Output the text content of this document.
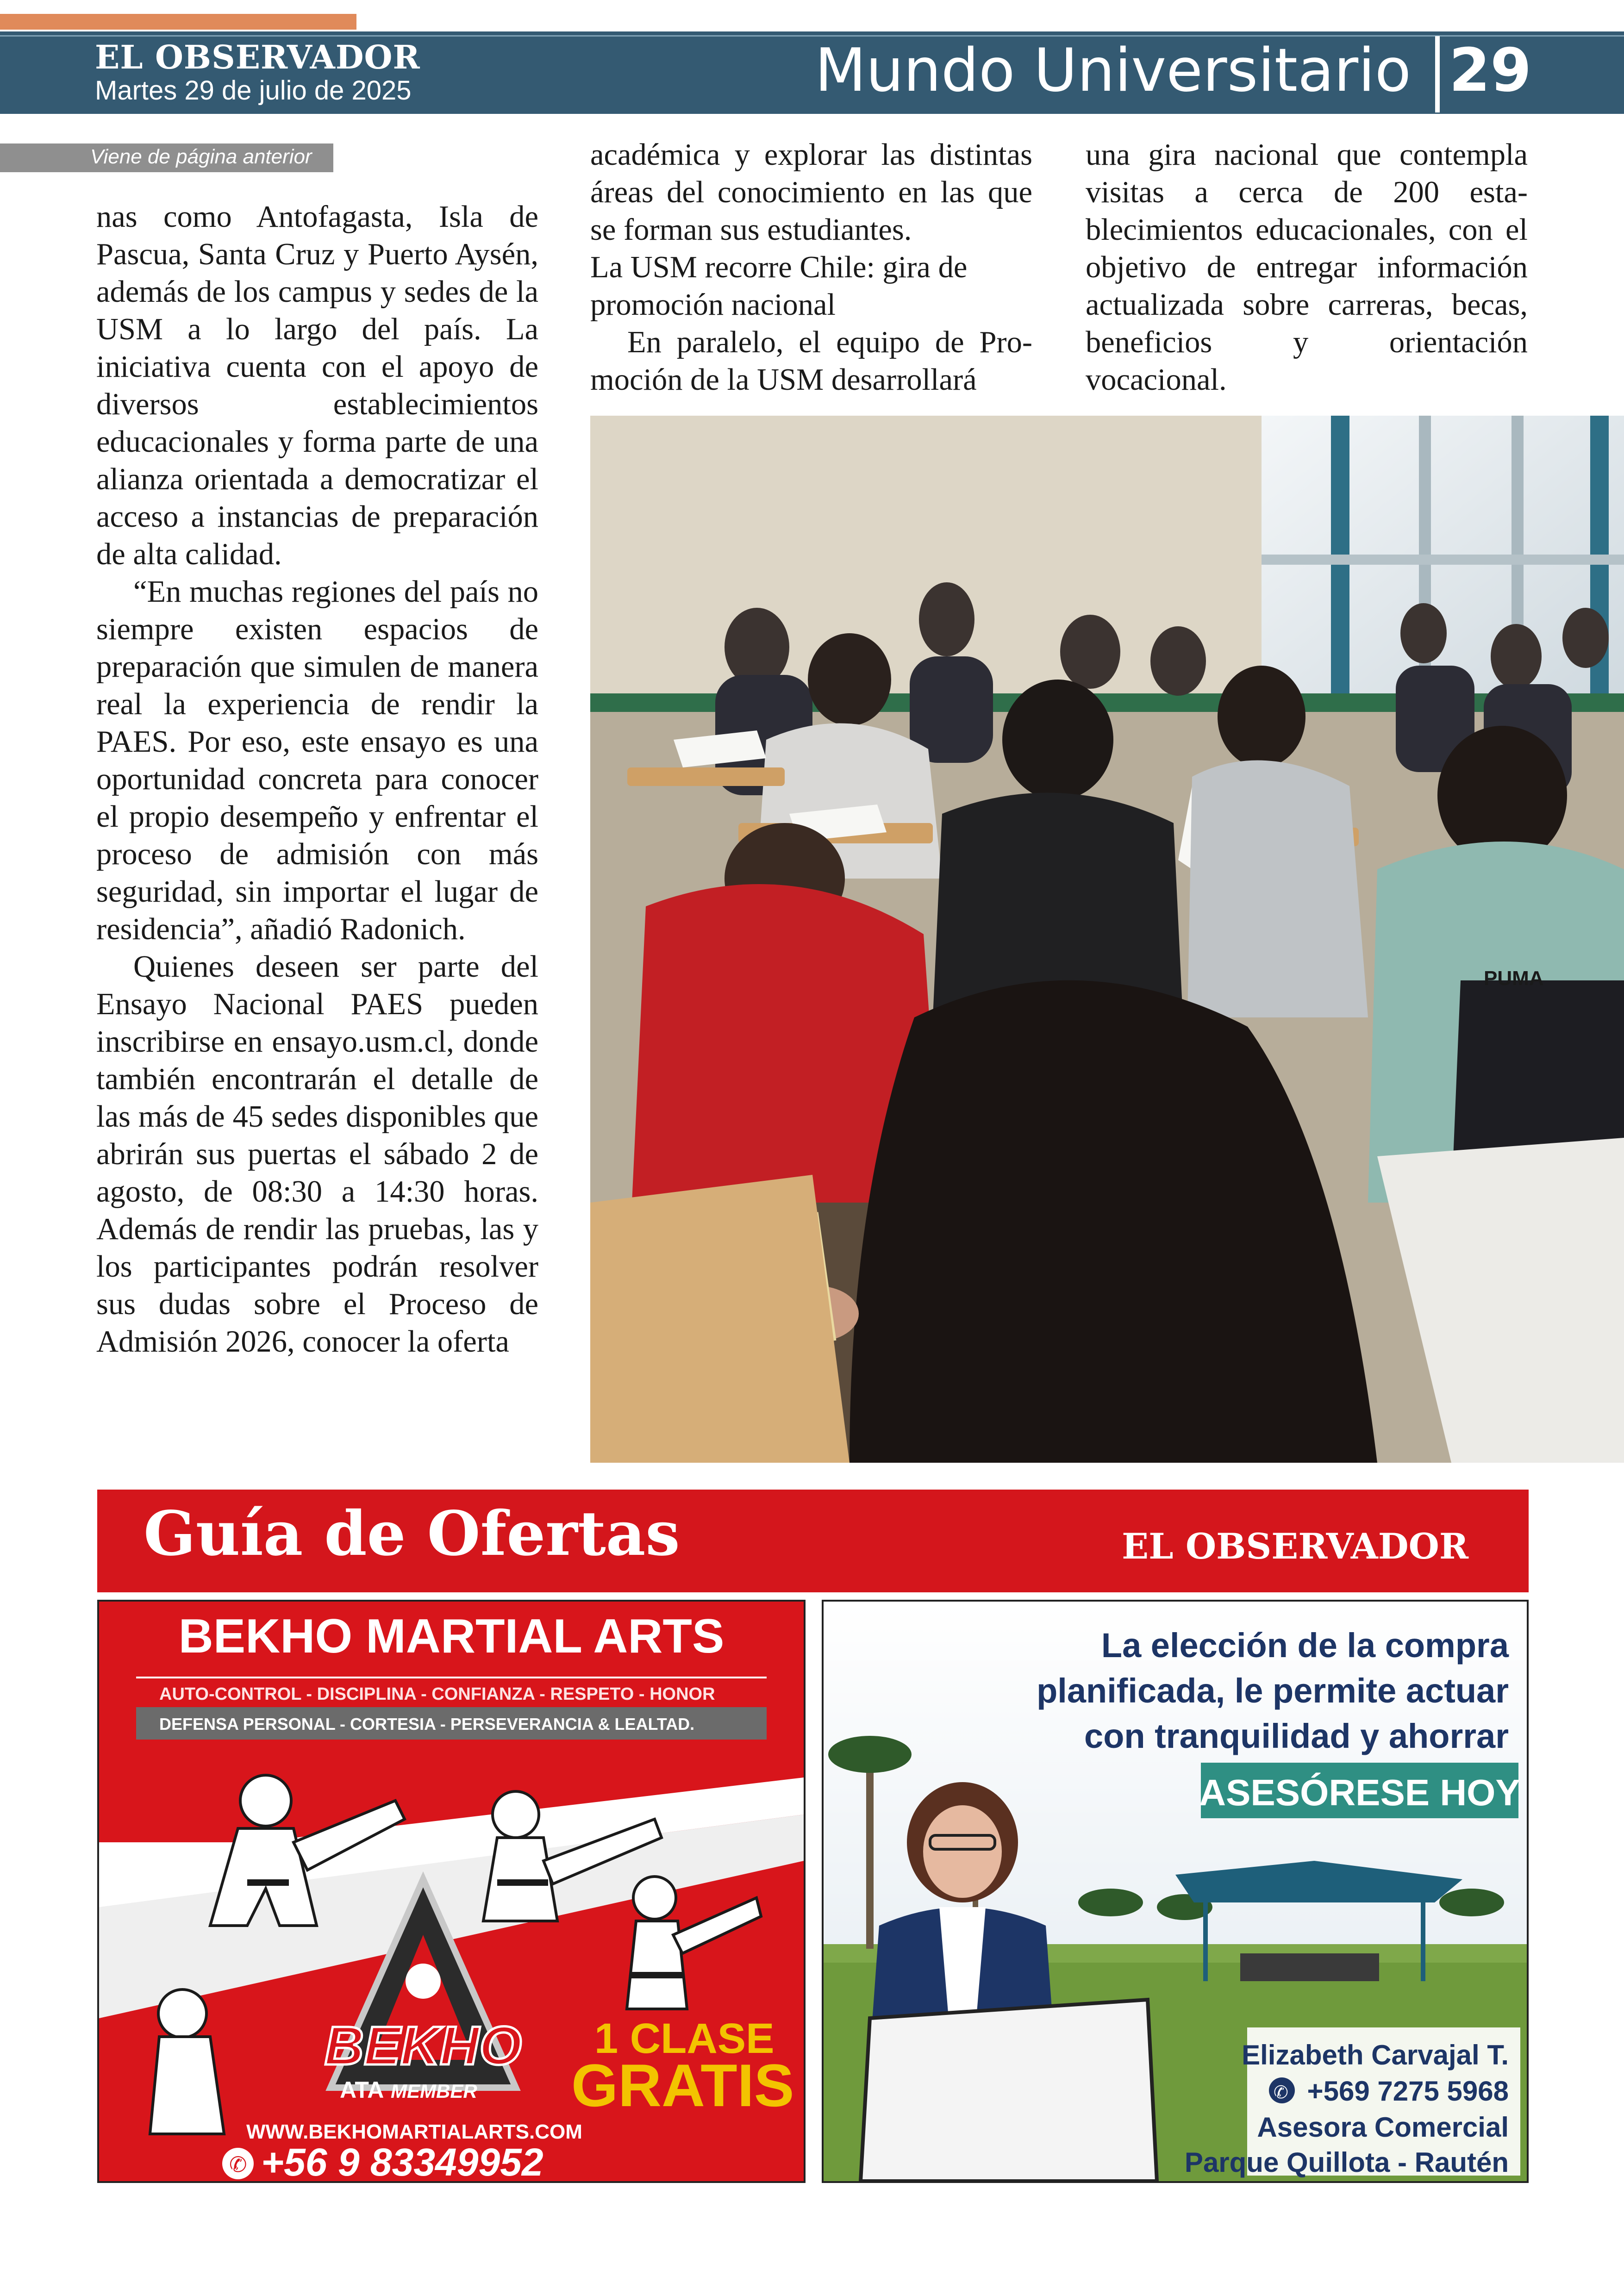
EL OBSERVADOR
Martes 29 de julio de 2025	Mundo Universitario 29
Viene de página anterior

nas como Antofagasta, Isla de Pascua, Santa Cruz y Puerto Aysén, además de los campus y sedes de la USM a lo largo del país. La iniciativa cuenta con el apoyo de diversos establecimientos educacionales y forma parte de una alianza orientada a democratizar el acceso a instancias de preparación de alta calidad.

“En muchas regiones del país no siempre existen espacios de preparación que simulen de manera real la experiencia de rendir la PAES. Por eso, este ensayo es una oportunidad concreta para conocer el propio desempeño y enfrentar el proceso de admisión con más seguridad, sin importar el lugar de residencia”, añadió Radonich.

Quienes deseen ser parte del Ensayo Nacional PAES pueden inscribirse en ensayo.usm.cl, donde también encontrarán el detalle de las más de 45 sedes disponibles que abrirán sus puertas el sábado 2 de agosto, de 08:30 a 14:30 horas. Además de rendir las pruebas, las y los participantes podrán resolver sus dudas sobre el Proceso de Admisión 2026, conocer la oferta

académica y explorar las distintas áreas del conocimiento en las que se forman sus estudiantes.

La USM recorre Chile: gira de promoción nacional

En paralelo, el equipo de Promoción de la USM desarrollará

una gira nacional que contempla visitas a cerca de 200 establecimientos educacionales, con el objetivo de entregar información actualizada sobre carreras, becas, beneficios y orientación vocacional.

PUMA
Guía de Ofertas	EL OBSERVADOR
BEKHO MARTIAL ARTS
AUTO-CONTROL - DISCIPLINA - CONFIANZA - RESPETO - HONOR
DEFENSA PERSONAL - CORTESIA - PERSEVERANCIA & LEALTAD.
BEKHO
ATA MEMBER
1 CLASE
GRATIS
WWW.BEKHOMARTIALARTS.COM
✆ +56 9 83349952
La elección de la compra
planificada, le permite actuar
con tranquilidad y ahorrar
ASESÓRESE HOY
Elizabeth Carvajal T.
✆ +569 7275 5968
Asesora Comercial
Parque Quillota - Rautén
